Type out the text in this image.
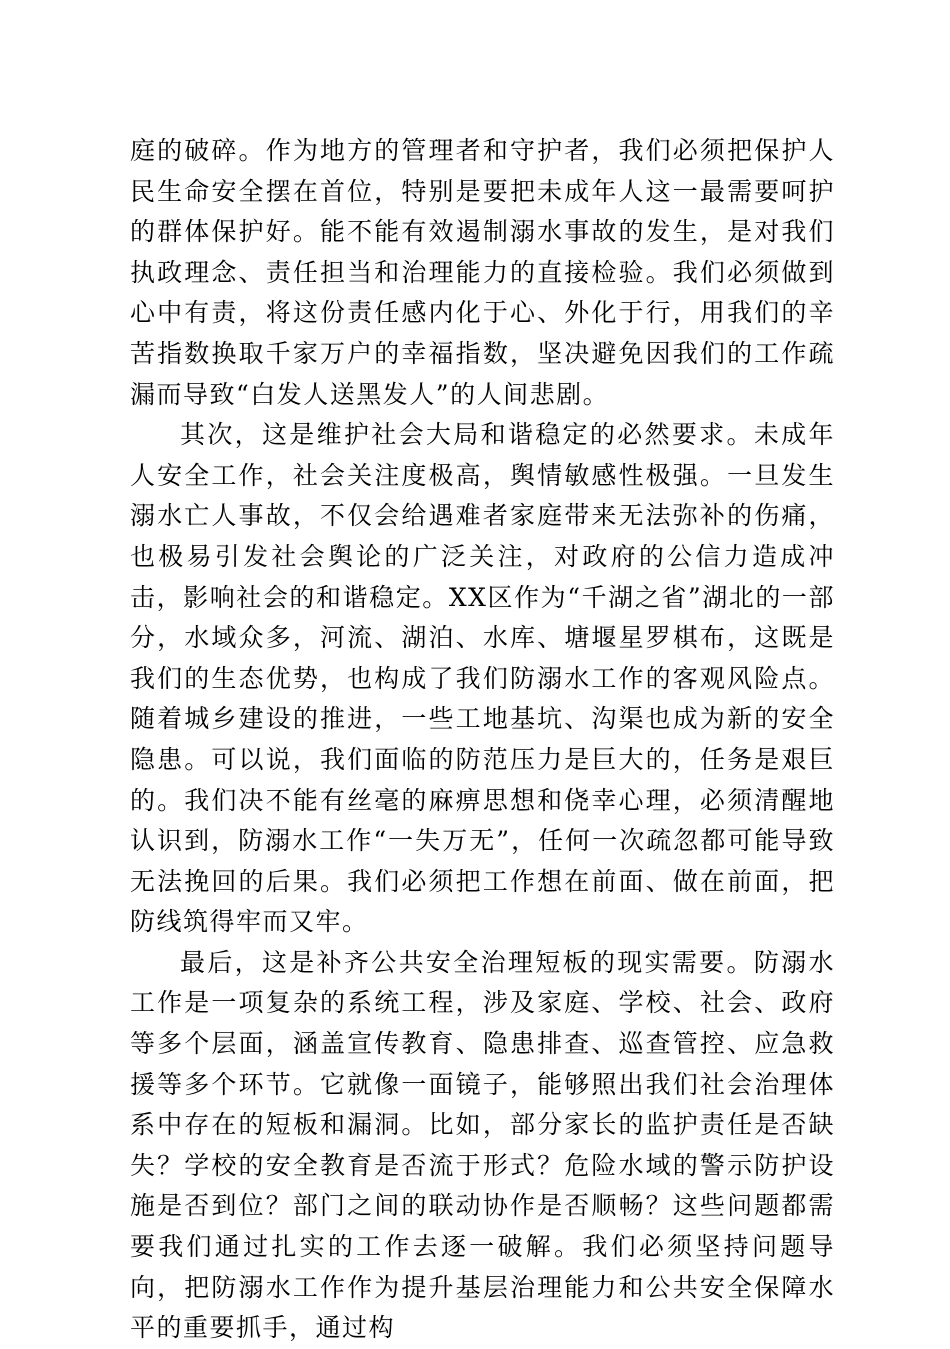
庭的破碎。作为地方的管理者和守护者，我们必须把保护人民生命安全摆在首位，特别是要把未成年人这一最需要呵护的群体保护好。能不能有效遏制溺水事故的发生，是对我们执政理念、责任担当和治理能力的直接检验。我们必须做到心中有责，将这份责任感内化于心、外化于行，用我们的辛苦指数换取千家万户的幸福指数，坚决避免因我们的工作疏漏而导致“白发人送黑发人”的人间悲剧。

其次，这是维护社会大局和谐稳定的必然要求。未成年人安全工作，社会关注度极高，舆情敏感性极强。一旦发生溺水亡人事故，不仅会给遇难者家庭带来无法弥补的伤痛，也极易引发社会舆论的广泛关注，对政府的公信力造成冲击，影响社会的和谐稳定。XX区作为“千湖之省”湖北的一部分，水域众多，河流、湖泊、水库、塘堰星罗棋布，这既是我们的生态优势，也构成了我们防溺水工作的客观风险点。随着城乡建设的推进，一些工地基坑、沟渠也成为新的安全隐患。可以说，我们面临的防范压力是巨大的，任务是艰巨的。我们决不能有丝毫的麻痹思想和侥幸心理，必须清醒地认识到，防溺水工作“一失万无”，任何一次疏忽都可能导致无法挽回的后果。我们必须把工作想在前面、做在前面，把防线筑得牢而又牢。

最后，这是补齐公共安全治理短板的现实需要。防溺水工作是一项复杂的系统工程，涉及家庭、学校、社会、政府等多个层面，涵盖宣传教育、隐患排查、巡查管控、应急救援等多个环节。它就像一面镜子，能够照出我们社会治理体系中存在的短板和漏洞。比如，部分家长的监护责任是否缺失？学校的安全教育是否流于形式？危险水域的警示防护设施是否到位？部门之间的联动协作是否顺畅？这些问题都需要我们通过扎实的工作去逐一破解。我们必须坚持问题导向，把防溺水工作作为提升基层治理能力和公共安全保障水平的重要抓手，通过构
